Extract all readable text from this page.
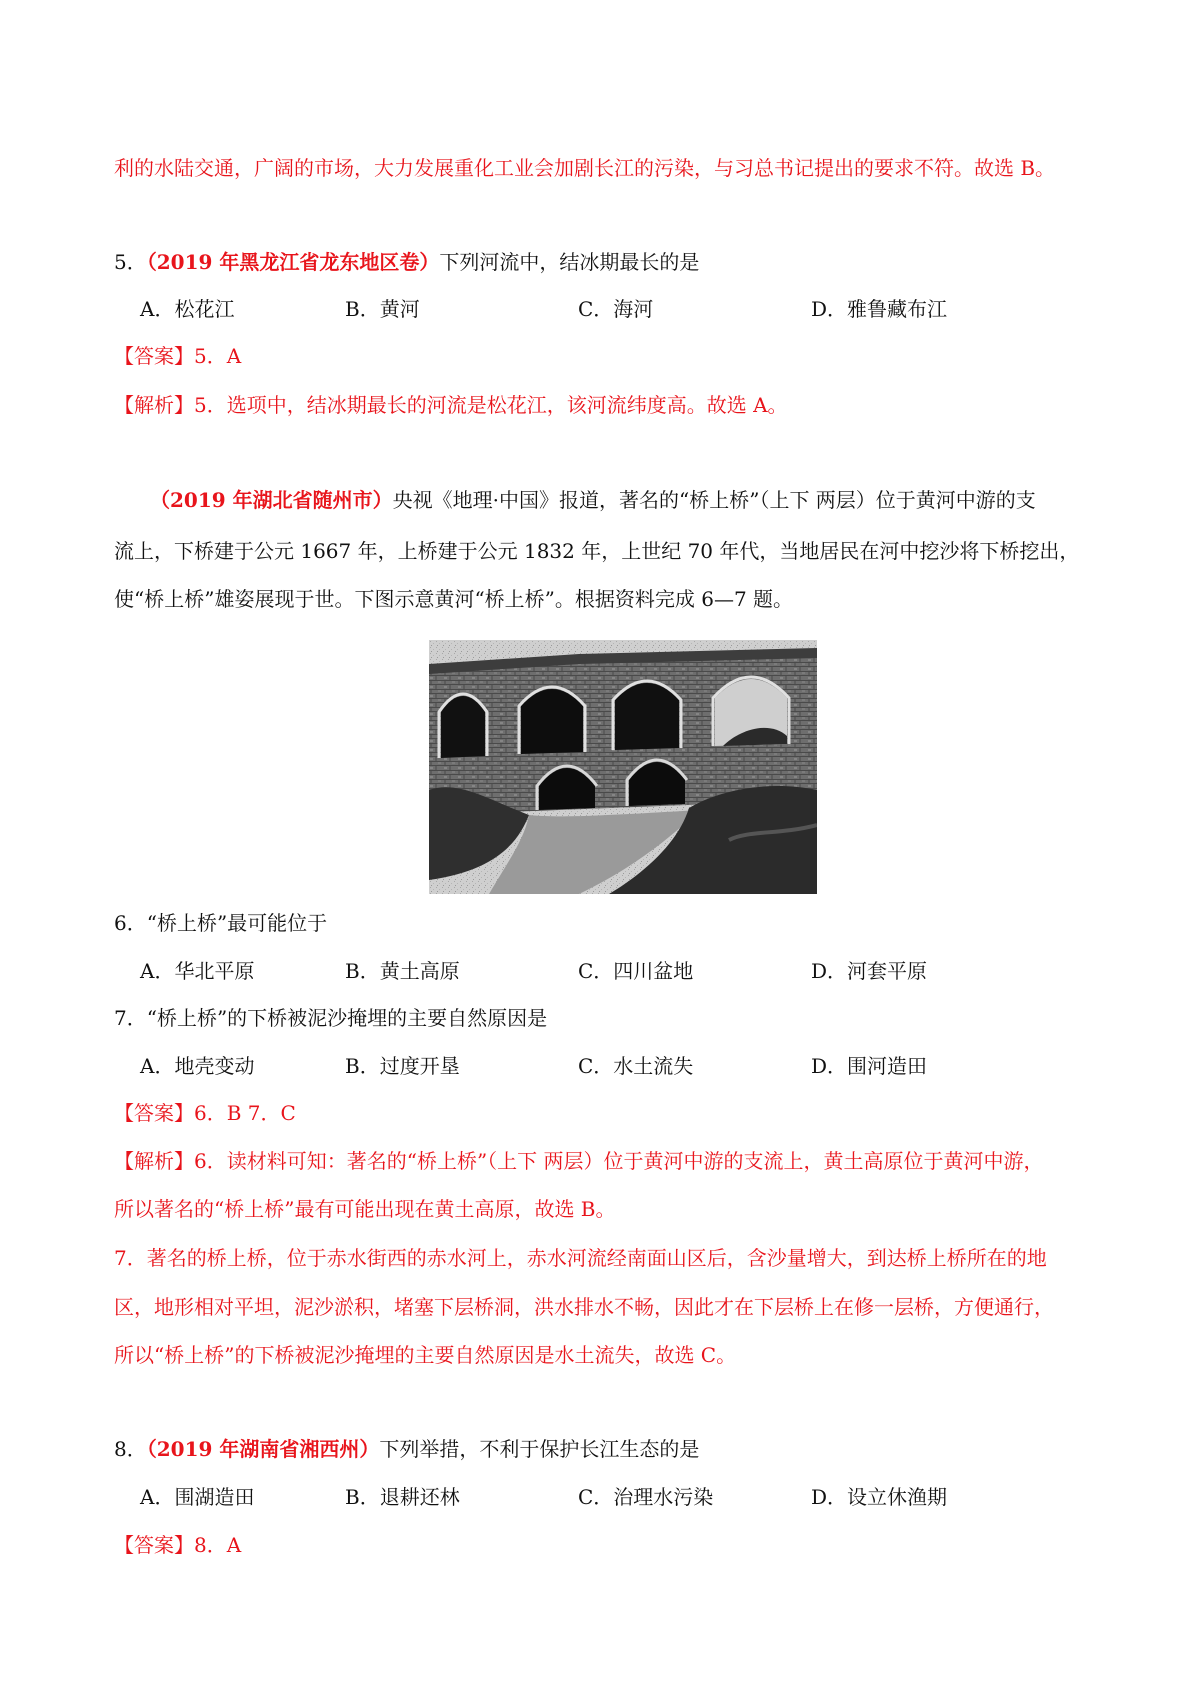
利的水陆交通，广阔的市场，大力发展重化工业会加剧长江的污染，与习总书记提出的要求不符。故选 B。
5．（2019 年黑龙江省龙东地区卷）下列河流中，结冰期最长的是
A．松花江	B．黄河	C．海河	D．雅鲁藏布江
【答案】5．A
【解析】5．选项中，结冰期最长的河流是松花江，该河流纬度高。故选 A。
（2019 年湖北省随州市）央视《地理·中国》报道，著名的“桥上桥”（上下 两层）位于黄河中游的支
流上，下桥建于公元 1667 年，上桥建于公元 1832 年，上世纪 70 年代，当地居民在河中挖沙将下桥挖出，
使“桥上桥”雄姿展现于世。下图示意黄河“桥上桥”。根据资料完成 6—7 题。
6．“桥上桥”最可能位于
A．华北平原	B．黄土高原	C．四川盆地	D．河套平原
7．“桥上桥”的下桥被泥沙掩埋的主要自然原因是
A．地壳变动	B．过度开垦	C．水土流失	D．围河造田
【答案】6．B 7．C
【解析】6．读材料可知：著名的“桥上桥”（上下 两层）位于黄河中游的支流上，黄土高原位于黄河中游，
所以著名的“桥上桥”最有可能出现在黄土高原，故选 B。
7．著名的桥上桥，位于赤水街西的赤水河上，赤水河流经南面山区后，含沙量增大，到达桥上桥所在的地
区，地形相对平坦，泥沙淤积，堵塞下层桥洞，洪水排水不畅，因此才在下层桥上在修一层桥，方便通行，
所以“桥上桥”的下桥被泥沙掩埋的主要自然原因是水土流失，故选 C。
8．（2019 年湖南省湘西州）下列举措，不利于保护长江生态的是
A．围湖造田	B．退耕还林	C．治理水污染	D．设立休渔期
【答案】8．A
